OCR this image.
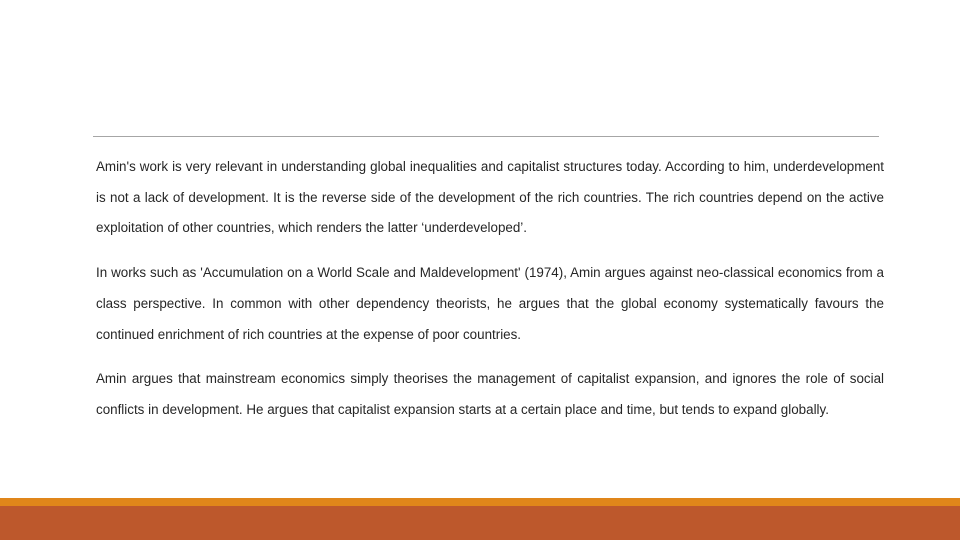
Amin's work is very relevant in understanding global inequalities and capitalist structures today. According to him, underdevelopment is not a lack of development. It is the reverse side of the development of the rich countries. The rich countries depend on the active exploitation of other countries, which renders the latter ‘underdeveloped’.

In works such as 'Accumulation on a World Scale and Maldevelopment' (1974), Amin argues against neo-classical economics from a class perspective. In common with other dependency theorists, he argues that the global economy systematically favours the continued enrichment of rich countries at the expense of poor countries.

Amin argues that mainstream economics simply theorises the management of capitalist expansion, and ignores the role of social conflicts in development. He argues that capitalist expansion starts at a certain place and time, but tends to expand globally.
